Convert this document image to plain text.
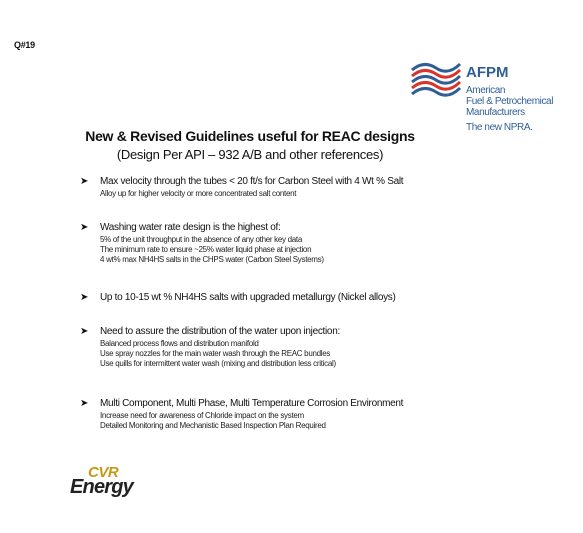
Q#19
AFPM
American
Fuel & Petrochemical
Manufacturers
The new NPRA.
New & Revised Guidelines useful for REAC designs
(Design Per API – 932 A/B and other references)
➤ Max velocity through the tubes < 20 ft/s for Carbon Steel with 4 Wt % Salt
Alloy up for higher velocity or more concentrated salt content
➤ Washing water rate design is the highest of:
5% of the unit throughput in the absence of any other key data
The minimum rate to ensure ~25% water liquid phase at injection
4 wt% max NH4HS salts in the CHPS water (Carbon Steel Systems)
➤ Up to 10-15 wt % NH4HS salts with upgraded metallurgy (Nickel alloys)
➤ Need to assure the distribution of the water upon injection:
Balanced process flows and distribution manifold
Use spray nozzles for the main water wash through the REAC bundles
Use quills for intermittent water wash (mixing and distribution less critical)
➤ Multi Component, Multi Phase, Multi Temperature Corrosion Environment
Increase need for awareness of Chloride impact on the system
Detailed Monitoring and Mechanistic Based Inspection Plan Required
CVR
Energy
